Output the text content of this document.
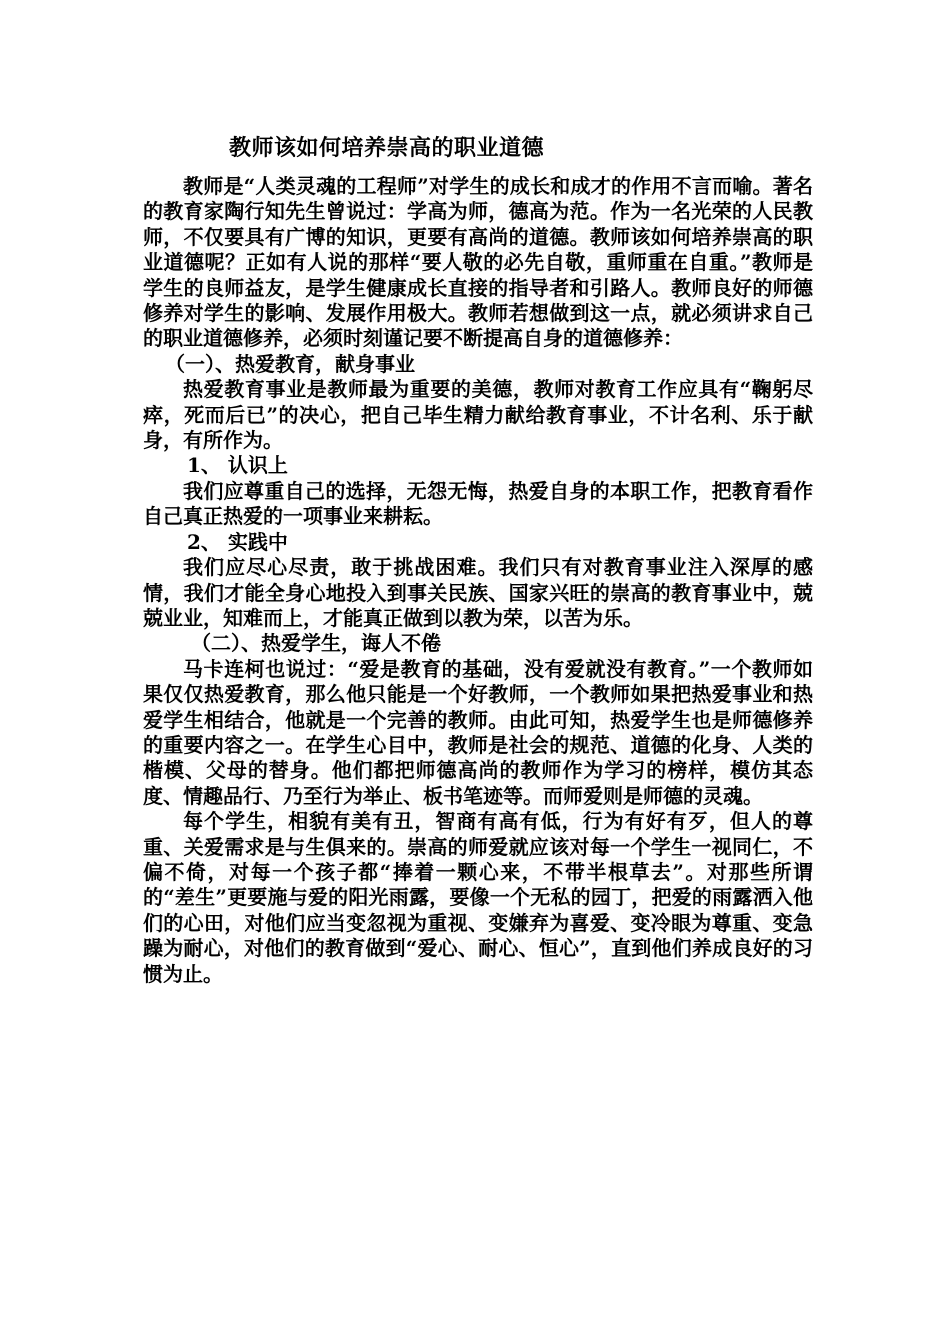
教师该如何培养崇高的职业道德

教师是“人类灵魂的工程师”对学生的成长和成才的作用不言而喻。著名的教育家陶行知先生曾说过：学高为师，德高为范。作为一名光荣的人民教师，不仅要具有广博的知识，更要有高尚的道德。教师该如何培养崇高的职业道德呢？正如有人说的那样“要人敬的必先自敬，重师重在自重。”教师是学生的良师益友，是学生健康成长直接的指导者和引路人。教师良好的师德修养对学生的影响、发展作用极大。教师若想做到这一点，就必须讲求自己的职业道德修养，必须时刻谨记要不断提高自身的道德修养：

（一）、热爱教育，献身事业

热爱教育事业是教师最为重要的美德，教师对教育工作应具有“鞠躬尽瘁，死而后已”的决心，把自己毕生精力献给教育事业，不计名利、乐于献身，有所作为。

1、 认识上

我们应尊重自己的选择，无怨无悔，热爱自身的本职工作，把教育看作自己真正热爱的一项事业来耕耘。

2、 实践中

我们应尽心尽责，敢于挑战困难。我们只有对教育事业注入深厚的感情，我们才能全身心地投入到事关民族、国家兴旺的崇高的教育事业中，兢兢业业，知难而上，才能真正做到以教为荣，以苦为乐。

（二）、热爱学生，诲人不倦

马卡连柯也说过：“爱是教育的基础，没有爱就没有教育。”一个教师如果仅仅热爱教育，那么他只能是一个好教师，一个教师如果把热爱事业和热爱学生相结合，他就是一个完善的教师。由此可知，热爱学生也是师德修养的重要内容之一。在学生心目中，教师是社会的规范、道德的化身、人类的楷模、父母的替身。他们都把师德高尚的教师作为学习的榜样，模仿其态度、情趣品行、乃至行为举止、板书笔迹等。而师爱则是师德的灵魂。

每个学生，相貌有美有丑，智商有高有低，行为有好有歹，但人的尊重、关爱需求是与生俱来的。崇高的师爱就应该对每一个学生一视同仁，不偏不倚，对每一个孩子都“捧着一颗心来，不带半根草去”。对那些所谓的“差生”更要施与爱的阳光雨露，要像一个无私的园丁，把爱的雨露洒入他们的心田，对他们应当变忽视为重视、变嫌弃为喜爱、变冷眼为尊重、变急躁为耐心，对他们的教育做到“爱心、耐心、恒心”，直到他们养成良好的习惯为止。
